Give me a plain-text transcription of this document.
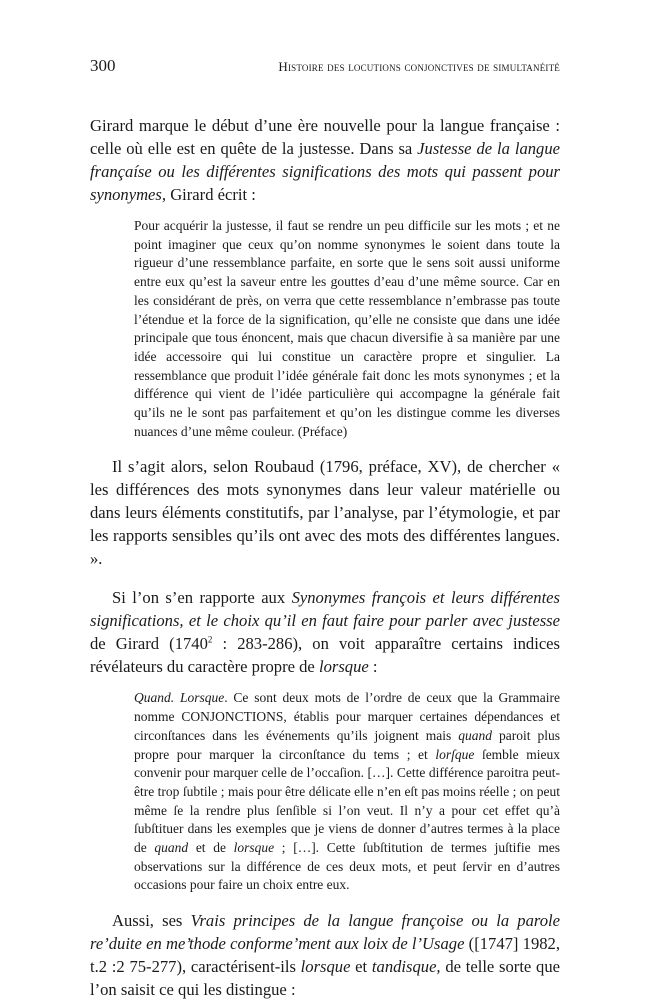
300	Histoire des locutions conjonctives de simultanéité

Girard marque le début d’une ère nouvelle pour la langue française : celle où elle est en quête de la justesse. Dans sa Justesse de la langue françaíse ou les différentes significations des mots qui passent pour synonymes, Girard écrit :

Pour acquérir la justesse, il faut se rendre un peu difficile sur les mots ; et ne point imaginer que ceux qu’on nomme synonymes le soient dans toute la rigueur d’une ressemblance parfaite, en sorte que le sens soit aussi uniforme entre eux qu’est la saveur entre les gouttes d’eau d’une même source. Car en les considérant de près, on verra que cette ressemblance n’embrasse pas toute l’étendue et la force de la signification, qu’elle ne consiste que dans une idée principale que tous énoncent, mais que chacun diversifie à sa manière par une idée accessoire qui lui constitue un caractère propre et singulier. La ressemblance que produit l’idée générale fait donc les mots synonymes ; et la différence qui vient de l’idée particulière qui accompagne la générale fait qu’ils ne le sont pas parfaitement et qu’on les distingue comme les diverses nuances d’une même couleur. (Préface)

Il s’agit alors, selon Roubaud (1796, préface, XV), de chercher « les différences des mots synonymes dans leur valeur matérielle ou dans leurs éléments constitutifs, par l’analyse, par l’étymologie, et par les rapports sensibles qu’ils ont avec des mots des différentes langues. ».

Si l’on s’en rapporte aux Synonymes françois et leurs différentes significations, et le choix qu’il en faut faire pour parler avec justesse de Girard (1740$^2$ : 283-286), on voit apparaître certains indices révélateurs du caractère propre de lorsque :

Quand. Lorsque. Ce sont deux mots de l’ordre de ceux que la Grammaire nomme CONJONCTIONS, établis pour marquer certaines dépendances et circonſtances dans les événements qu’ils joignent mais quand paroit plus propre pour marquer la circonſtance du tems ; et lorſque ſemble mieux convenir pour marquer celle de l’occaſion. […]. Cette différence paroitra peut-être trop ſubtile ; mais pour être délicate elle n’en eſt pas moins réelle ; on peut même ſe la rendre plus ſenſible si l’on veut. Il n’y a pour cet effet qu’à ſubſtituer dans les exemples que je viens de donner d’autres termes à la place de quand et de lorsque ; […]. Cette ſubſtitution de termes juſtifie mes observations sur la différence de ces deux mots, et peut ſervir en d’autres occasions pour faire un choix entre eux.

Aussi, ses Vrais principes de la langue françoise ou la parole re’duite en me’thode conforme’ment aux loix de l’Usage ([1747] 1982, t.2 :2 75-277), caractérisent-ils lorsque et tandisque, de telle sorte que l’on saisit ce qui les distingue :
